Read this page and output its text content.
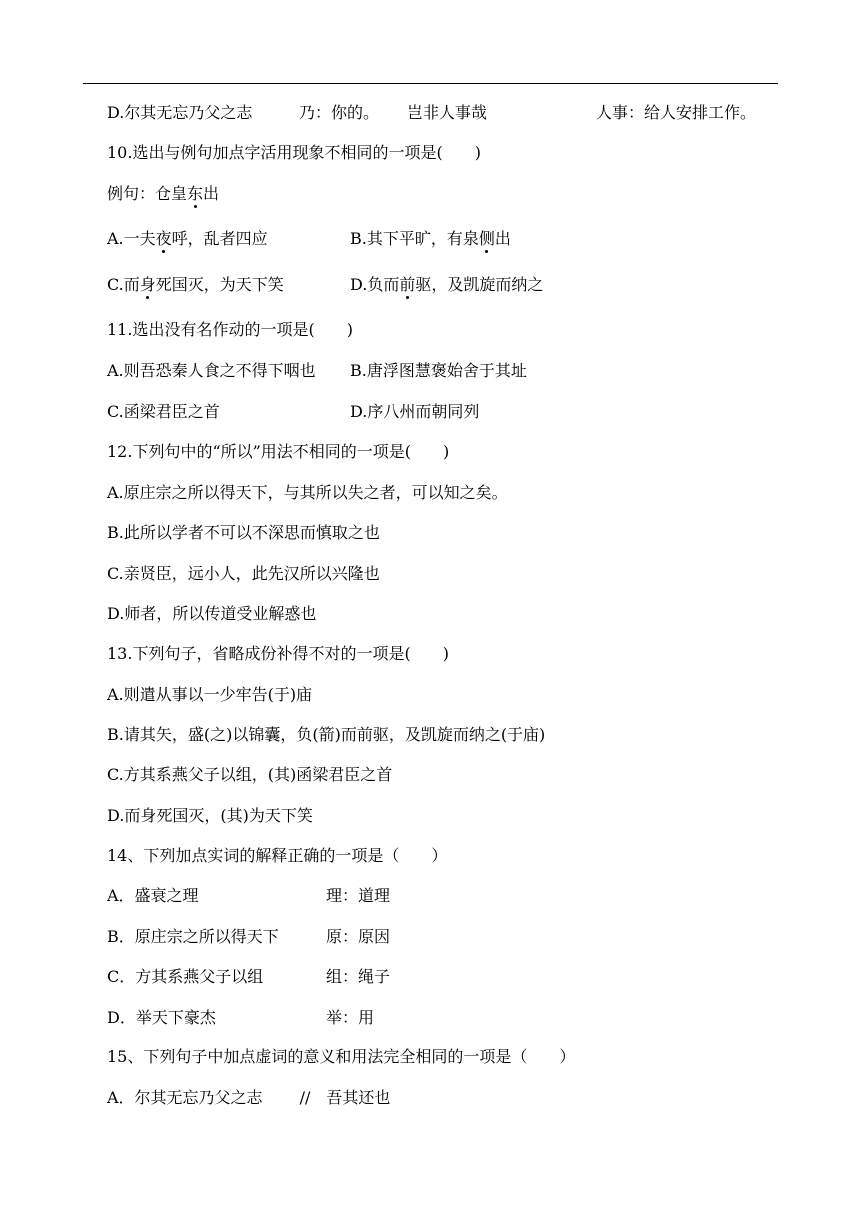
D.尔其无忘乃父之志	乃：你的。 岂非人事哉	人事：给人安排工作。
10.选出与例句加点字活用现象不相同的一项是(　　)
例句：仓皇东出
A.一夫夜呼，乱者四应	B.其下平旷，有泉侧出
C.而身死国灭，为天下笑	D.负而前驱，及凯旋而纳之
11.选出没有名作动的一项是(　　)
A.则吾恐秦人食之不得下咽也 B.唐浮图慧褒始舍于其址
C.函梁君臣之首	D.序八州而朝同列
12.下列句中的“所以”用法不相同的一项是(　　)
A.原庄宗之所以得天下，与其所以失之者，可以知之矣。
B.此所以学者不可以不深思而慎取之也
C.亲贤臣，远小人，此先汉所以兴隆也
D.师者，所以传道受业解惑也
13.下列句子，省略成份补得不对的一项是(　　)
A.则遣从事以一少牢告(于)庙
B.请其矢，盛(之)以锦囊，负(箭)而前驱，及凯旋而纳之(于庙)
C.方其系燕父子以组，(其)函梁君臣之首
D.而身死国灭，(其)为天下笑
14、下列加点实词的解释正确的一项是（　　）
A．盛衰之理	理：道理
B．原庄宗之所以得天下	原：原因
C．方其系燕父子以组	组：绳子
D．举天下豪杰	举：用
15、下列句子中加点虚词的意义和用法完全相同的一项是（　　）
A．尔其无忘乃父之志　　 //　吾其还也
